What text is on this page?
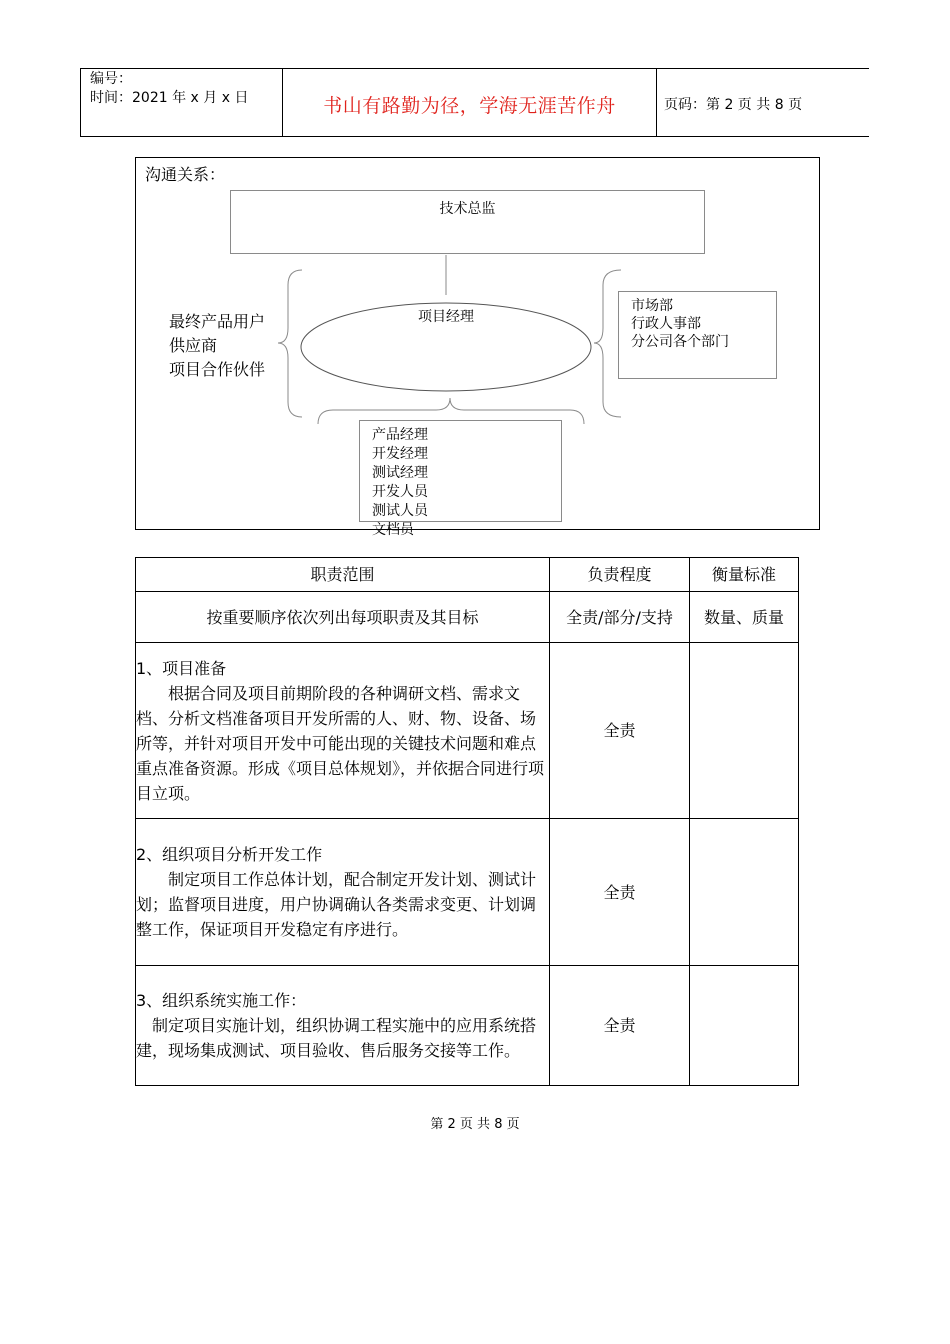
编号：
时间：2021 年 x 月 x 日	书山有路勤为径，学海无涯苦作舟	页码：第 2 页 共 8 页
沟通关系：
技术总监
项目经理
最终产品用户
供应商
项目合作伙伴
市场部
行政人事部
分公司各个部门
产品经理
开发经理
测试经理
开发人员
测试人员
文档员
职责范围	负责程度	衡量标准
按重要顺序依次列出每项职责及其目标	全责/部分/支持	数量、质量

1、项目准备
根据合同及项目前期阶段的各种调研文档、需求文档、分析文档准备项目开发所需的人、财、物、设备、场所等，并针对项目开发中可能出现的关键技术问题和难点重点准备资源。形成《项目总体规划》，并依据合同进行项目立项。	全责	

2、组织项目分析开发工作
制定项目工作总体计划，配合制定开发计划、测试计划；监督项目进度，用户协调确认各类需求变更、计划调整工作，保证项目开发稳定有序进行。	全责	

3、组织系统实施工作：
制定项目实施计划，组织协调工程实施中的应用系统搭建，现场集成测试、项目验收、售后服务交接等工作。	全责	
第 2 页 共 8 页
